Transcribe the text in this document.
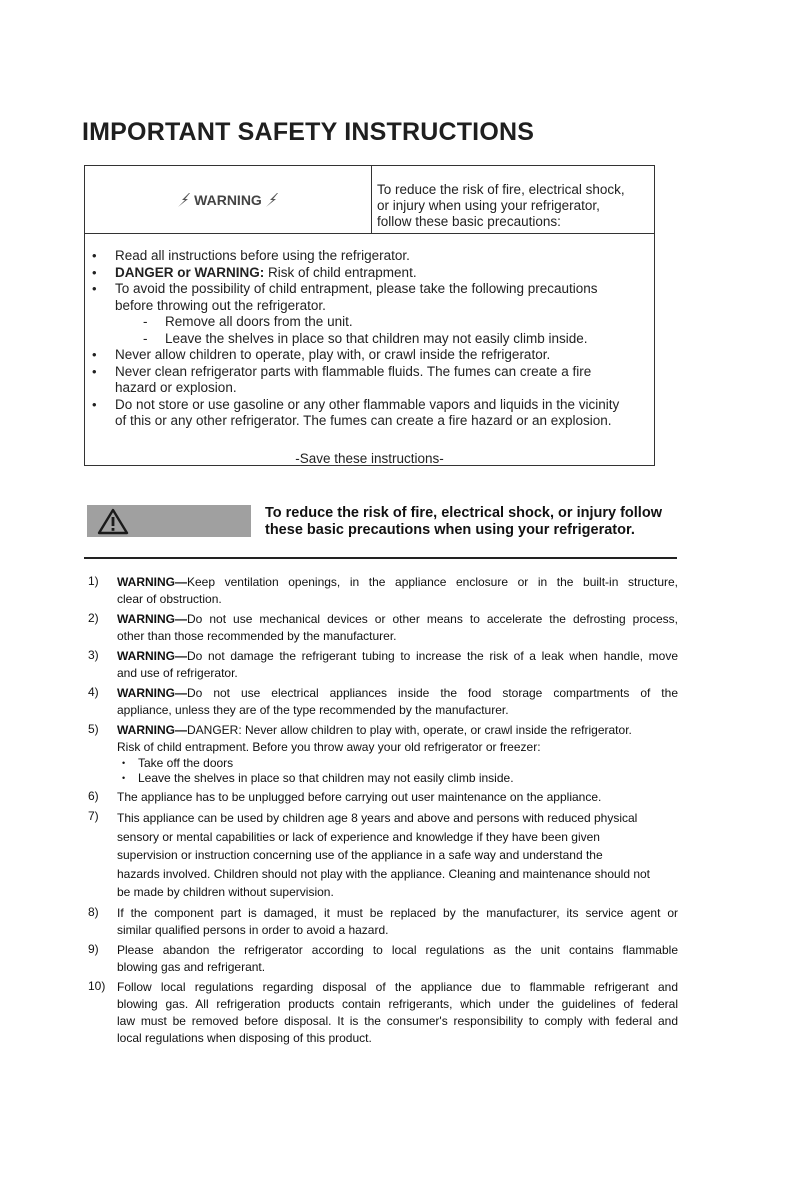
IMPORTANT SAFETY INSTRUCTIONS
WARNING
To reduce the risk of fire, electrical shock,
or injury when using your refrigerator,
follow these basic precautions:
• Read all instructions before using the refrigerator.
• DANGER or WARNING: Risk of child entrapment.
• To avoid the possibility of child entrapment, please take the following precautions
before throwing out the refrigerator.
- Remove all doors from the unit.
- Leave the shelves in place so that children may not easily climb inside.
• Never allow children to operate, play with, or crawl inside the refrigerator.
• Never clean refrigerator parts with flammable fluids. The fumes can create a fire
hazard or explosion.
• Do not store or use gasoline or any other flammable vapors and liquids in the vicinity
of this or any other refrigerator. The fumes can create a fire hazard or an explosion.
-Save these instructions-
To reduce the risk of fire, electrical shock, or injury follow
these basic precautions when using your refrigerator.
1) WARNING—Keep ventilation openings, in the appliance enclosure or in the built-in structure,
clear of obstruction.
2) WARNING—Do not use mechanical devices or other means to accelerate the defrosting process,
other than those recommended by the manufacturer.
3) WARNING—Do not damage the refrigerant tubing to increase the risk of a leak when handle, move
and use of refrigerator.
4) WARNING—Do not use electrical appliances inside the food storage compartments of the
appliance, unless they are of the type recommended by the manufacturer.
5) WARNING—DANGER: Never allow children to play with, operate, or crawl inside the refrigerator.
Risk of child entrapment. Before you throw away your old refrigerator or freezer:
• Take off the doors
• Leave the shelves in place so that children may not easily climb inside.
6) The appliance has to be unplugged before carrying out user maintenance on the appliance.
7) This appliance can be used by children age 8 years and above and persons with reduced physical
sensory or mental capabilities or lack of experience and knowledge if they have been given
supervision or instruction concerning use of the appliance in a safe way and understand the
hazards involved. Children should not play with the appliance. Cleaning and maintenance should not
be made by children without supervision.
8) If the component part is damaged, it must be replaced by the manufacturer, its service agent or
similar qualified persons in order to avoid a hazard.
9) Please abandon the refrigerator according to local regulations as the unit contains flammable
blowing gas and refrigerant.
10) Follow local regulations regarding disposal of the appliance due to flammable refrigerant and
blowing gas. All refrigeration products contain refrigerants, which under the guidelines of federal
law must be removed before disposal. It is the consumer's responsibility to comply with federal and
local regulations when disposing of this product.
